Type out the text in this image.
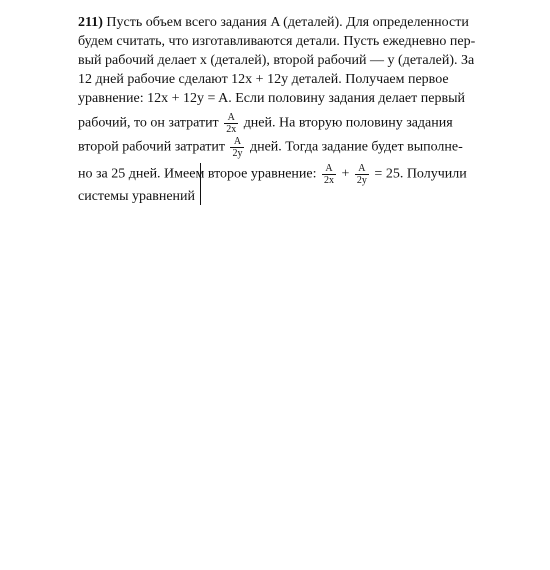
211) Пусть объем всего задания A (деталей). Для определенности
будем считать, что изготавливаются детали. Пусть ежедневно пер-
вый рабочий делает x (деталей), второй рабочий — y (деталей). За
12 дней рабочие сделают 12x + 12y деталей. Получаем первое
уравнение: 12x + 12y = A. Если половину задания делает первый
рабочий, то он затратит $\frac{A}{2x}$ дней. На вторую половину задания
второй рабочий затратит $\frac{A}{2y}$ дней. Тогда задание будет выполне-
но за 25 дней. Имеем второе уравнение: $\frac{A}{2x} + \frac{A}{2y} = 25$. Получили
системы уравнений
